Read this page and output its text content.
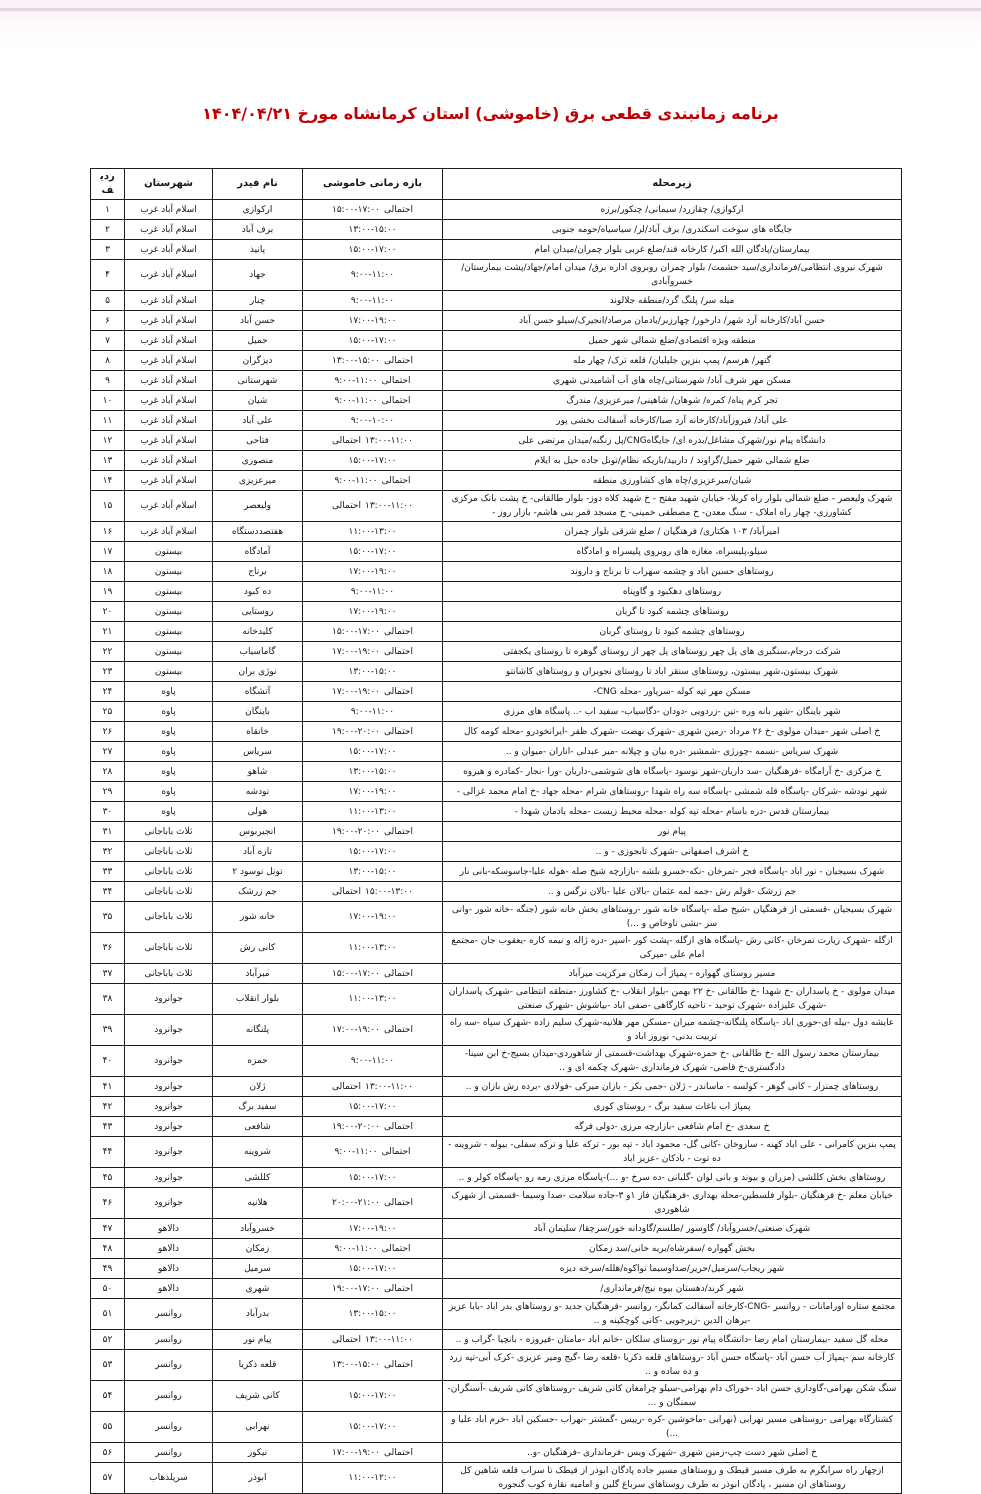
برنامه زمانبندی قطعی برق (خاموشی) استان کرمانشاه مورخ ۱۴۰۴/۰۴/۲۱
زیرمحله	بازه زمانی خاموشی	نام فیدر	شهرستان	ردیف
ارکوازی/ چقازرد/ سیمانی/ چنکور/برزه	۱۵:۰۰-۱۷:۰۰ احتمالی	ارکوازی	اسلام آباد غرب	۱
جایگاه های سوخت اسکندری/ برف آباد/لر/ سیاسیاه/حومه جنوبی	۱۳:۰۰-۱۵:۰۰	برف آباد	اسلام آباد غرب	۲
بیمارستان/پادگان الله اکبر/ کارخانه قند/ضلع غربی بلوار چمران/میدان امام	۱۵:۰۰-۱۷:۰۰	پانیذ	اسلام آباد غرب	۳
شهرک نیروی انتظامی/فرمانداری/سید حشمت/ بلوار چمران روبروی اداره برق/ میدان امام/جهاد/پشت بیمارستان/ خسروآبادی	۹:۰۰-۱۱:۰۰	جهاد	اسلام آباد غرب	۴
میله سر/ پلنگ گرد/منطقه جلالوند	۹:۰۰-۱۱:۰۰	چنار	اسلام آباد غرب	۵
حسن آباد/کارخانه آرد شهر/ دارخور/ چهارزبر/یادمان مرصاد/انجیرک/سیلو حسن آباد	۱۷:۰۰-۱۹:۰۰	حسن آباد	اسلام آباد غرب	۶
منطقه ویژه اقتصادی/ضلع شمالی شهر حمیل	۱۵:۰۰-۱۷:۰۰	حمیل	اسلام آباد غرب	۷
گنهر/ هرسم/ پمپ بنزین جلیلیان/ قلعه ترک/ چهار مله	۱۳:۰۰-۱۵:۰۰ احتمالی	دیزگران	اسلام آباد غرب	۸
مسکن مهر شرف آباد/ شهرستانی/چاه های آب آشامیدنی شهری	۹:۰۰-۱۱:۰۰ احتمالی	شهرستانی	اسلام آباد غرب	۹
تجر کرم پناه/ کمره/ شوهان/ شاهینی/ میرعزیزی/ مندرگ	۹:۰۰-۱۱:۰۰ احتمالی	شیان	اسلام آباد غرب	۱۰
علی آباد/ فیروزآباد/کارخانه آرد صبا/کارخانه آسفالت بخشی پور	۹:۰۰-۱۰:۰۰	علی آباد	اسلام آباد غرب	۱۱
دانشگاه پیام نور/شهرک مشاغل/بدره ای/ جایگاهCNG/پل زنگنه/میدان مرتضی علی	احتمالی ۱۳:۰۰-۱۱:۰۰	فتاحی	اسلام آباد غرب	۱۲
ضلع شمالی شهر حمیل/گراوند / داربید/باریکه نظام/تونل جاده حیل به ایلام	۱۵:۰۰-۱۷:۰۰	منصوری	اسلام آباد غرب	۱۳
شیان/میرعزیزی/چاه های کشاورزی منطقه	۹:۰۰-۱۱:۰۰ احتمالی	میرعزیزی	اسلام آباد غرب	۱۴
شهرک ولیعصر - ضلع شمالی بلوار راه کربلا- خیابان شهید مفتح - خ شهید کلاه دوز- بلوار طالقانی- خ پشت بانک مرکزی کشاورزی- چهار راه املاک - سنگ معدن- خ مصطفی خمینی- خ مسجد قمر بنی هاشم- بازار روز -	احتمالی ۱۳:۰۰-۱۱:۰۰	ولیعصر	اسلام آباد غرب	۱۵
امیرآباد/ ۱۰۳ هکتاری/ فرهنگیان / ضلع شرقی بلوار چمران	۱۱:۰۰-۱۳:۰۰	هفتصددستگاه	اسلام آباد غرب	۱۶
سیلو،پلیسراه، مغازه های روبروی پلیسراه و امادگاه	۱۵:۰۰-۱۷:۰۰	آمادگاه	بیستون	۱۷
روستاهای حسین اباد و چشمه سهراب تا برناج و داروند	۱۷:۰۰-۱۹:۰۰	برناج	بیستون	۱۸
روستاهای دهکبود و گاوپناه	۹:۰۰-۱۱:۰۰	ده کبود	بیستون	۱۹
روستاهای چشمه کبود تا گربان	۱۷:۰۰-۱۹:۰۰	روستایی	بیستون	۲۰
روستاهای چشمه کبود تا روستای گربان	۱۵:۰۰-۱۷:۰۰ احتمالی	کلیدخانه	بیستون	۲۱
شرکت درجام،سنگبری های پل چهر روستاهای پل چهر از روستای گوهره تا روستای یکجفتی	۱۷:۰۰-۱۹:۰۰ احتمالی	گاماسیاب	بیستون	۲۲
شهرک بیستون،شهر بیستون، روستاهای سنقر اباد تا روستای نجوبران و روستاهای کاشانتو	۱۳:۰۰-۱۵:۰۰	نوژی بران	بیستون	۲۳
مسکن مهر تپه کوله -سریاور -محله CNG-	۱۷:۰۰-۱۹:۰۰ احتمالی	آتشگاه	پاوه	۲۴
شهر باینگان -شهر بانه وره -تین -زردویی -دودان -دگاسیاب- سفید اب -.. پاسگاه های مرزی	۹:۰۰-۱۱:۰۰	باینگان	پاوه	۲۵
خ اصلی شهر -میدان مولوی -خ ۲۶ مرداد -زمین شهری -شهرک نهضت -شهرک ظفر -ایرانخودرو -محله کومه کال	۱۹:۰۰-۲۰:۰۰ احتمالی	خانقاه	پاوه	۲۶
شهرک سریاس -نسمه -چورژی -شمشیر -دره بیان و چپلانه -میر عبدلی -اناران -میوان و ..	۱۵:۰۰-۱۷:۰۰	سریاس	پاوه	۲۷
خ مرکزی -خ آرامگاه -فرهنگیان -سد داریان-شهر نوسود -پاسگاه های شوشمی-داریان -ورا -نجار -کمادره و هیروه	۱۳:۰۰-۱۵:۰۰	شاهو	پاوه	۲۸
شهر نودشه -شرکان -پاسگاه قله شمشی -پاسگاه سه راه شهدا -روستاهای شرام -محله جهاد -خ امام محمد غزالی -	۱۷:۰۰-۱۹:۰۰	نودشه	پاوه	۲۹
بیمارستان قدس -دره باسام -محله تپه کوله -محله محیط زیست -محله یادمان شهدا -	۱۱:۰۰-۱۳:۰۰	هولی	پاوه	۳۰
پیام نور	۱۹:۰۰-۲۰:۰۰ احتمالی	انجیربوس	ثلاث باباجانی	۳۱
خ اشرف اصفهانی -شهرک تابجوزی - و ..	۱۵:۰۰-۱۷:۰۰	تازه آباد	ثلاث باباجانی	۳۲
شهرک بسیجیان - نور اباد -پاسگاه فجر -تمرخان -نکه-خسرو بلشه -بازارچه شیخ صله -هوله علیا-جاسوسکه-بانی نار	۱۳:۰۰-۱۵:۰۰	تونل نوسود ۲	ثلاث باباجانی	۳۳
جم زرشک -قولم رش -جمه لمه عثمان -بالان علیا -بالان نرگس و ..	احتمالی ۱۵:۰۰-۱۳:۰۰	جم زرشک	ثلاث باباجانی	۳۴
شهرک بسیجیان -قسمتی از فرهنگیان -شیخ صله -پاسگاه خانه شور -روستاهای بخش خانه شور (جنگه -خانه شور -وانی سر -بشی ناوخاص و ...)	۱۷:۰۰-۱۹:۰۰	خانه شور	ثلاث باباجانی	۳۵
ازگله -شهرک زیارت تمرخان -کانی رش -پاسگاه های ازگله -پشت کور -اسپر -دره ژاله و نیمه کاره -یعقوب جان -مجتمع امام علی -میرکی	۱۱:۰۰-۱۳:۰۰	کانی رش	ثلاث باباجانی	۳۶
مسیر روستای گهواره - پمپاژ آب زمکان مرکزیت میرآباد	۱۵:۰۰-۱۷:۰۰ احتمالی	میرآباد	ثلاث باباجانی	۳۷
میدان مولوی - خ پاسداران -خ شهدا -خ طالقانی -خ ۲۲ بهمن -بلوار انقلاب -خ کشاورز -منطقه انتظامی -شهرک پاسداران -شهرک علیزاده -شهرک توحید - ناحیه کارگاهی -صفی اباد -بیاشوش -شهرک صنعتی	۱۱:۰۰-۱۳:۰۰	بلوار انقلاب	جوانرود	۳۸
عایشه دول -بیله ای-حوری اباد -پاسگاه پلنگانه-چشمه میران -مسکن مهر هلانیه-شهرک سلیم زاده -شهرک سپاه -سه راه تربیت بدنی- نوروز اباد و	۱۷:۰۰-۱۹:۰۰ احتمالی	پلنگانه	جوانرود	۳۹
بیمارستان محمد رسول الله -خ طالقانی -خ حمزه-شهرک بهداشت-قسمتی از شاهوردی-میدان بسیج-خ ابن سینا-دادگستری-خ قاضی- شهرک فرمانداری -شهرک چکمه ای و ..	۹:۰۰-۱۱:۰۰	حمزه	جوانرود	۴۰
روستاهای چمنزار - کانی گوهر - کولسه - ماساندر - ژلان -جمی بکر - بازان میرکی -فولادی -برده رش بازان و ..	احتمالی ۱۳:۰۰-۱۱:۰۰	ژلان	جوانرود	۴۱
پمپاژ اب باغات سفید برگ - روستای کوری	۱۵:۰۰-۱۷:۰۰	سفید برگ	جوانرود	۴۲
خ سعدی -خ امام شافعی -بازارچه مرزی -دولی فرگه	۱۹:۰۰-۲۰:۰۰ احتمالی	شافعی	جوانرود	۴۳
پمپ بنزین کامرانی - علی اباد کهنه - ساروخان -کانی گل- محمود اباد - تپه بور - ترکه علیا و ترکه سفلی- بیوله - شروینه - ده توت - بادکان -عزیز اباد	۹:۰۰-۱۱:۰۰ احتمالی	شروینه	جوانرود	۴۴
روستاهای بخش کللشی (مزران و بیوند و بانی لوان -گلبانی -ده سرخ -و ...)-پاسگاه مرزی رمه رو -پاسگاه کولر و ..	۱۵:۰۰-۱۷:۰۰	کللشی	جوانرود	۴۵
خیابان معلم -خ فرهنگیان -بلوار فلسطین-محله بهداری -فرهنگیان فاز ۱و ۳-جاده سلامت -صدا وسیما -قسمتی از شهرک شاهوردی	۲۰:۰۰-۲۱:۰۰ احتمالی	هلانیه	جوانرود	۴۶
شهرک صنعتی/خسروآباد/ گاوسور /طلسم/گاودانه خور/سرچقا/ سلیمان آباد	۱۷:۰۰-۱۹:۰۰	خسروآباد	دالاهو	۴۷
بخش گهواره /سفرشاه/بریه خانی/سد زمکان	۹:۰۰-۱۱:۰۰ احتمالی	زمکان	دالاهو	۴۸
شهر ریجاب/سرمیل/حریر/صداوسیما نواکوه/هلله/سرخه دیزه	۱۵:۰۰-۱۷:۰۰	سرمیل	دالاهو	۴۹
شهر کرند/دهستان بیوه نیج/فرمانداری/	۱۹:۰۰-۱۷:۰۰ احتمالی	شهری	دالاهو	۵۰
مجتمع ستاره اورامانات - روانسر -CNG-کارخانه آسفالت کمانگر- روانسر -فرهنگیان جدید -و روستاهای بدر اباد -بابا عزیز -برهان الدین -زیرجویی -کانی کوچکینه و ..	۱۳:۰۰-۱۵:۰۰	بدرآباد	روانسر	۵۱
محله گل سفید -بیمارستان امام رضا -دانشگاه پیام نور -روستای سلکان -خانم اباد -مامنان -فیروزه - بانچیا -گراب و ..	احتمالی ۱۳:۰۰-۱۱:۰۰	پیام نور	روانسر	۵۲
کارخانه سم -پمپاژ آب حسن آباد -پاسگاه حسن آباد -روستاهای قلعه ذکریا -قلعه رضا -گیج ومیر عزیزی -کرک آبی-تپه زرد و ده ساده و ..	۱۳:۰۰-۱۵:۰۰ احتمالی	قلعه ذکریا	روانسر	۵۳
سنگ شکن بهرامی-گاوداری حسن اباد -خوراک دام بهرامی-سیلو چرامغان کانی شریف -روستاهای کانی شریف -آسنگران-سمنگان و ...	۱۵:۰۰-۱۷:۰۰	کانی شریف	روانسر	۵۴
کشتارگاه بهرامی -روستاهی مسیر نهرابی (نهرابی -ماخوشین -کره -رییس -گمشتر -نهراب -حسکین اباد -خرم اباد علیا و ...)	۱۵:۰۰-۱۷:۰۰	نهرابی	روانسر	۵۵
خ اصلی شهر دست چپ-زمین شهری -شهرک ویس -فرمانداری -فرهنگیان -و..	۱۷:۰۰-۱۹:۰۰ احتمالی	نیکور	روانسر	۵۶
ازچهار راه سرابگرم به طرف مسیر قیطک و روستاهای مسیر جاده پادگان ابوذر از قیطک تا سراب قلعه شاهین کل روستاهای ان مسیر ، پادگان ابوذر به طرف روستاهای سرباغ گلین و امامیه نقاره کوب گنجوره	۱۱:۰۰-۱۲:۰۰	ابوذر	سرپلذهاب	۵۷
